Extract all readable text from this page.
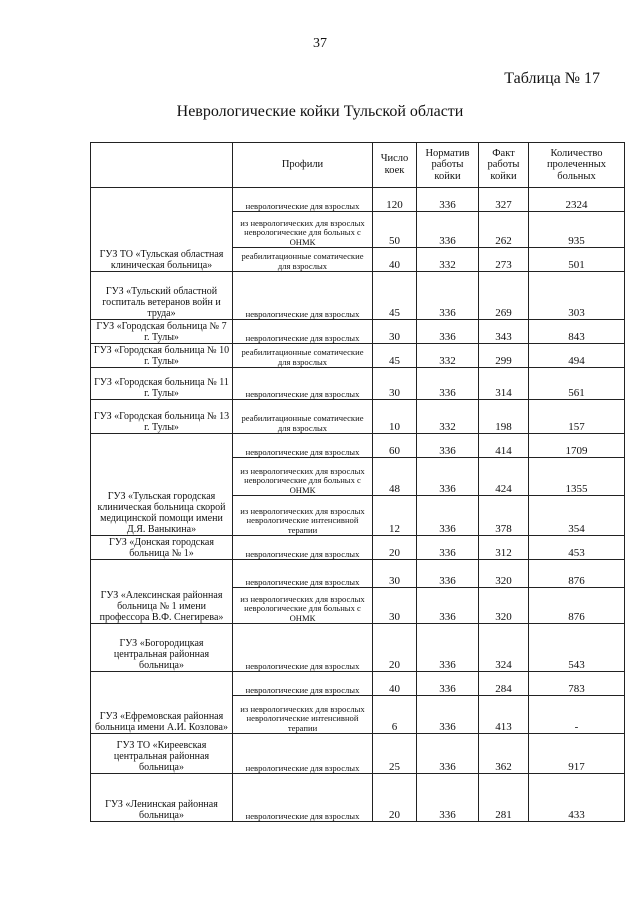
37
Таблица № 17
Неврологические койки Тульской области
	Профили	Число коек	Норматив работы койки	Факт работы койки	Количество пролеченных больных
ГУЗ ТО «Тульская областная клиническая больница»	неврологические для взрослых	120	336	327	2324
	из неврологических для взрослых неврологические для больных с ОНМК	50	336	262	935
	реабилитационные соматические для взрослых	40	332	273	501
ГУЗ «Тульский областной госпиталь ветеранов войн и труда»	неврологические для взрослых	45	336	269	303
ГУЗ «Городская больница № 7 г. Тулы»	неврологические для взрослых	30	336	343	843
ГУЗ «Городская больница № 10 г. Тулы»	реабилитационные соматические для взрослых	45	332	299	494
ГУЗ «Городская больница № 11 г. Тулы»	неврологические для взрослых	30	336	314	561
ГУЗ «Городская больница № 13 г. Тулы»	реабилитационные соматические для взрослых	10	332	198	157
ГУЗ «Тульская городская клиническая больница скорой медицинской помощи имени Д.Я. Ваныкина»	неврологические для взрослых	60	336	414	1709
	из неврологических для взрослых неврологические для больных с ОНМК	48	336	424	1355
	из неврологических для взрослых неврологические интенсивной терапии	12	336	378	354
ГУЗ «Донская городская больница № 1»	неврологические для взрослых	20	336	312	453
ГУЗ «Алексинская районная больница № 1 имени профессора В.Ф. Снегирева»	неврологические для взрослых	30	336	320	876
	из неврологических для взрослых неврологические для больных с ОНМК	30	336	320	876
ГУЗ «Богородицкая центральная районная больница»	неврологические для взрослых	20	336	324	543
ГУЗ «Ефремовская районная больница имени А.И. Козлова»	неврологические для взрослых	40	336	284	783
	из неврологических для взрослых неврологические интенсивной терапии	6	336	413	-
ГУЗ ТО «Киреевская центральная районная больница»	неврологические для взрослых	25	336	362	917
ГУЗ «Ленинская районная больница»	неврологические для взрослых	20	336	281	433
